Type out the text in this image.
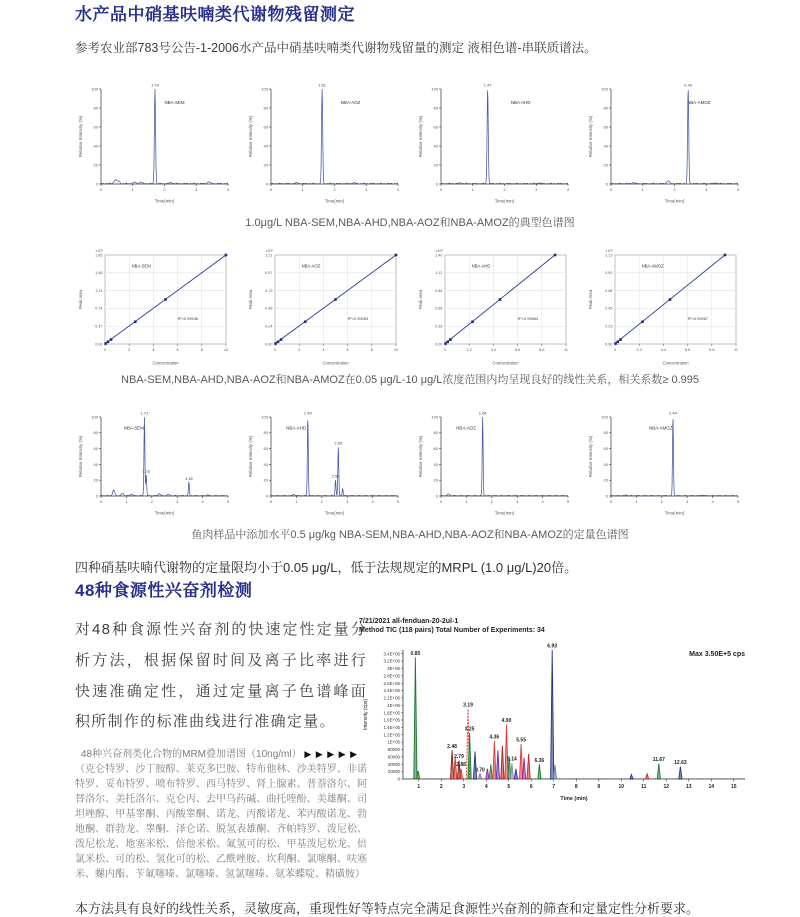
水产品中硝基呋喃类代谢物残留测定

参考农业部783号公告-1-2006水产品中硝基呋喃类代谢物残留量的测定 液相色谱-串联质谱法。

0
20
40
60
80
100
0	1	2	3	4
Time(min)
Relative Intensity (%)
1.70
NBA-SEM
0
20
40
60
80
100
0	1	2	3	4
Time(min)
Relative Intensity (%)
1.61
NBA-AOZ
0
20
40
60
80
100
0	1	2	3	4
Time(min)
Relative Intensity (%)
1.47
NBA-AHD
0
20
40
60
80
100
0	1	2	3	4
Time(min)
Relative Intensity (%)
2.43
NBA-AMOZ

1.0μg/L NBA-SEM,NBA-AHD,NBA-AOZ和NBA-AMOZ的典型色谱图

0.00
0.37
0.74
1.11
1.48
1.85
×10⁵
0	2	4	6	8	10
Concentration
Peak Area
NBA-SEM
R²=0.99936
0.00
0.24
0.48
0.73
0.97
1.21
×10⁵
0	2	4	6	8	10
Concentration
Peak Area
NBA-AOZ
R²=0.99983
0.00
0.28
0.56
0.84
1.12
1.40
×10⁵
0	2.2	4.4	6.6	8.8	11
Concentration
Peak Area
NBA-AHD
R²=0.99864
0.00
0.23
0.45
0.68
0.90
1.13
×10⁵
0	2.2	4.4	6.6	8.8	11
Concentration
Peak Area
NBA-AMOZ
R²=0.99967

NBA-SEM,NBA-AHD,NBA-AOZ和NBA-AMOZ在0.05 μg/L-10 μg/L浓度范围内均呈现良好的线性关系，相关系数≥ 0.995

0
20
40
60
80
100
0	1	2	3	4	5
Time(min)
Relative Intensity (%)
1.71
1.75
3.46
NBA-SEM
0
20
40
60
80
100
0	1	2	3	4	5
Time(min)
Relative Intensity (%)
1.45
2.54
2.65
NBA-AHD
0
20
40
60
80
100
0	1	2	3	4	5
Time(min)
Relative Intensity (%)
1.64
NBA-AOZ
0
20
40
60
80
100
0	1	2	3	4	5
Time(min)
Relative Intensity (%)
2.44
NBA-AMOZ

鱼肉样品中添加水平0.5 μg/kg NBA-SEM,NBA-AHD,NBA-AOZ和NBA-AMOZ的定量色谱图

四种硝基呋喃代谢物的定量限均小于0.05 μg/L，低于法规规定的MRPL (1.0 μg/L)20倍。

48种食源性兴奋剂检测

对48种食源性兴奋剂的快速定性定量分析方法，根据保留时间及离子比率进行快速准确定性，通过定量离子色谱峰面积所制作的标准曲线进行准确定量。

48种兴奋剂类化合物的MRM叠加谱图（10ng/ml） ▶ ▶ ▶ ▶ ▶
（克仑特罗、沙丁胺醇、莱克多巴胺、特布他林、沙美特罗、非诺特罗、妥布特罗、喷布特罗、西马特罗、肾上腺素、普萘洛尔、阿替洛尔、美托洛尔、克仑丙、去甲乌药碱、曲托喹酚、美雄酮、司坦唑醇、甲基睾酮、丙酸睾酮、诺龙、丙酸诺龙、苯丙酸诺龙、勃地酮、群勃龙、睾酮、泽仑诺、脱氢表雄酮、齐帕特罗、泼尼松、泼尼松龙、地塞米松、倍他米松、氟氢可的松、甲基泼尼松龙、倍氯米松、可的松、氢化可的松、乙酰唑胺、坎利酮、氯噻酮、呋塞米、螺内酯、苄氟噻嗪、氯噻嗪、氢氯噻嗪、氨苯蝶啶、精磺胺）

7/21/2021 all-fenduan-20-2ul-1
Method TIC (118 pairs) Total Number of Experiments: 34
Max 3.50E+5 cps
3.4E+05
3.2E+05
3E+05
2.8E+05
2.6E+05
2.4E+05
2.2E+05
2E+05
1.8E+05
1.6E+05
1.4E+05
1.2E+05
1E+05
80000
60000
40000
20000
0
1	2	3	4	5	6	7	8	9	10	11	12	13	14	15
Time (min)
Intensity (cps)
0.85
2.48
2.79
2.88
3.19
3.25
3.70
4.36
4.90
5.14
5.55
6.36
6.93
11.67 12.63

本方法具有良好的线性关系，灵敏度高，重现性好等特点完全满足食源性兴奋剂的筛查和定量定性分析要求。
